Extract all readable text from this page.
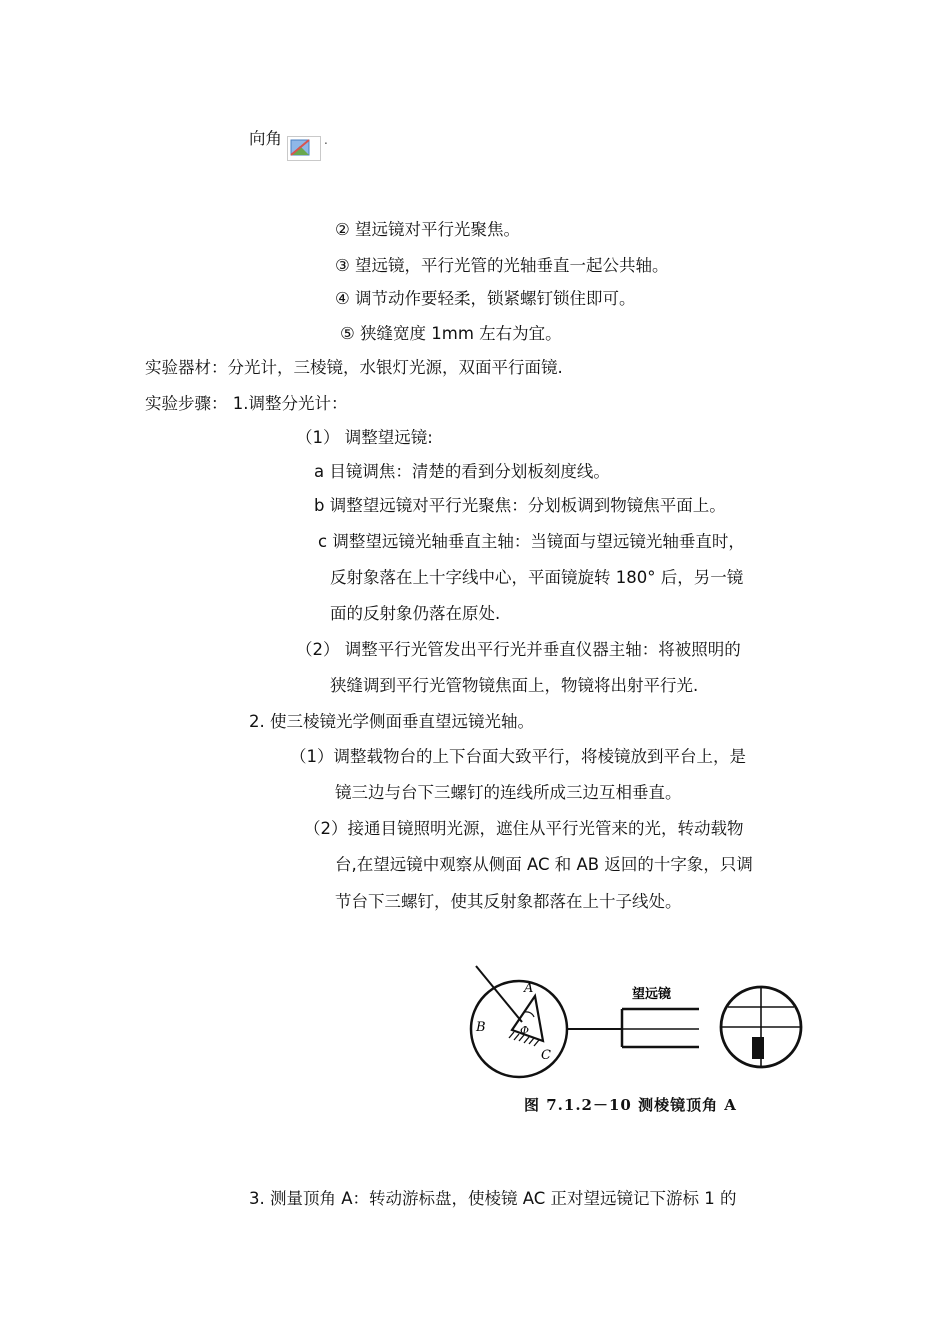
向角	.
② 望远镜对平行光聚焦。
③ 望远镜，平行光管的光轴垂直一起公共轴。
④ 调节动作要轻柔，锁紧螺钉锁住即可。
⑤ 狭缝宽度 1mm 左右为宜。
实验器材：分光计，三棱镜，水银灯光源，双面平行面镜.
实验步骤： 1.调整分光计：
（1） 调整望远镜:
a 目镜调焦：清楚的看到分划板刻度线。
b 调整望远镜对平行光聚焦：分划板调到物镜焦平面上。
c 调整望远镜光轴垂直主轴：当镜面与望远镜光轴垂直时，
反射象落在上十字线中心，平面镜旋转 180° 后，另一镜
面的反射象仍落在原处.
（2） 调整平行光管发出平行光并垂直仪器主轴：将被照明的
狭缝调到平行光管物镜焦面上，物镜将出射平行光.
2. 使三棱镜光学侧面垂直望远镜光轴。
（1）调整载物台的上下台面大致平行，将棱镜放到平台上，是
镜三边与台下三螺钉的连线所成三边互相垂直。
（2）接通目镜照明光源，遮住从平行光管来的光，转动载物
台,在望远镜中观察从侧面 AC 和 AB 返回的十字象，只调
节台下三螺钉，使其反射象都落在上十子线处。
A
B
C
Φ
望远镜
图 7.1.2－10 测棱镜顶角 A
3. 测量顶角 A：转动游标盘，使棱镜 AC 正对望远镜记下游标 1 的
